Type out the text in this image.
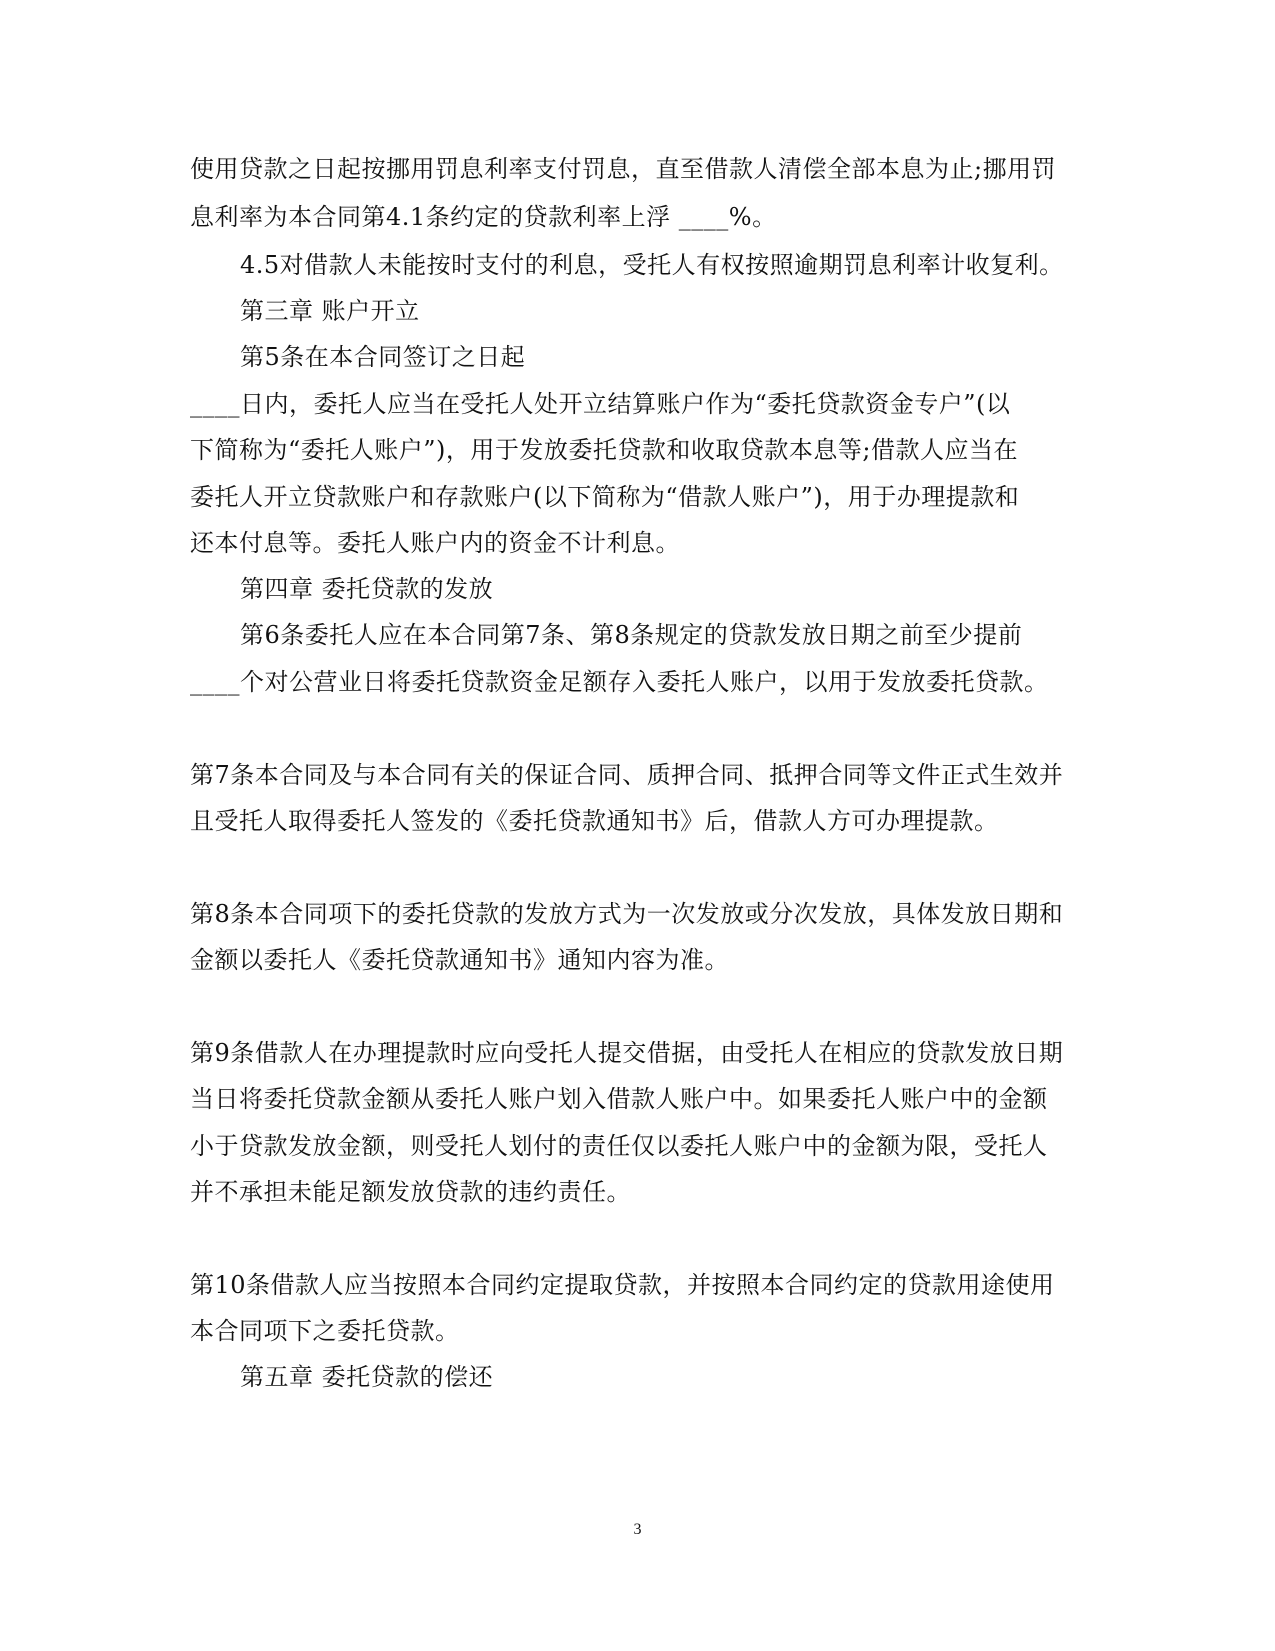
使用贷款之日起按挪用罚息利率支付罚息，直至借款人清偿全部本息为止;挪用罚
息利率为本合同第4.1条约定的贷款利率上浮 ____%。
4.5对借款人未能按时支付的利息，受托人有权按照逾期罚息利率计收复利。
第三章 账户开立
第5条在本合同签订之日起
____日内，委托人应当在受托人处开立结算账户作为“委托贷款资金专户”(以
下简称为“委托人账户”)，用于发放委托贷款和收取贷款本息等;借款人应当在
委托人开立贷款账户和存款账户(以下简称为“借款人账户”)，用于办理提款和
还本付息等。委托人账户内的资金不计利息。
第四章 委托贷款的发放
第6条委托人应在本合同第7条、第8条规定的贷款发放日期之前至少提前
____个对公营业日将委托贷款资金足额存入委托人账户，以用于发放委托贷款。
第7条本合同及与本合同有关的保证合同、质押合同、抵押合同等文件正式生效并
且受托人取得委托人签发的《委托贷款通知书》后，借款人方可办理提款。
第8条本合同项下的委托贷款的发放方式为一次发放或分次发放，具体发放日期和
金额以委托人《委托贷款通知书》通知内容为准。
第9条借款人在办理提款时应向受托人提交借据，由受托人在相应的贷款发放日期
当日将委托贷款金额从委托人账户划入借款人账户中。如果委托人账户中的金额
小于贷款发放金额，则受托人划付的责任仅以委托人账户中的金额为限，受托人
并不承担未能足额发放贷款的违约责任。
第10条借款人应当按照本合同约定提取贷款，并按照本合同约定的贷款用途使用
本合同项下之委托贷款。
第五章 委托贷款的偿还
3
